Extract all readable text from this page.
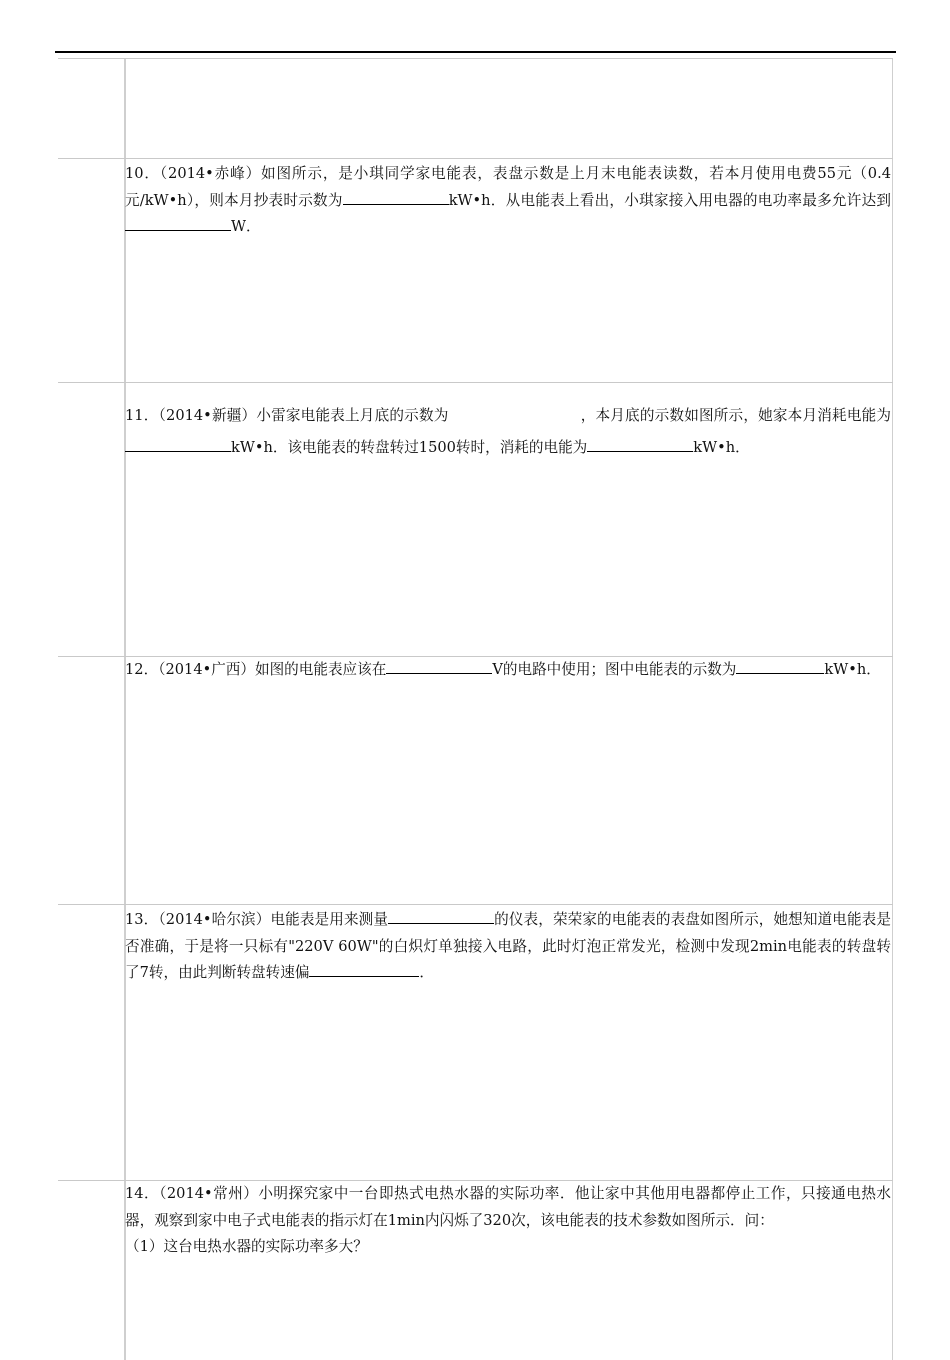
10．（2014•赤峰）如图所示，是小琪同学家电能表，表盘示数是上月末电能表读数，若本月使用电费55元（0.4元/kW•h），则本月抄表时示数为	kW•h．从电能表上看出，小琪家接入用电器的电功率最多允许达到W．
11．（2014•新疆）小雷家电能表上月底的示数为	，本月底的示数如图所示，她家本月消耗电能为kW•h．该电能表的转盘转过1500转时，消耗的电能为	kW•h．
12．（2014•广西）如图的电能表应该在	V的电路中使用；图中电能表的示数为	kW•h．
13．（2014•哈尔滨）电能表是用来测量	的仪表，荣荣家的电能表的表盘如图所示，她想知道电能表是否准确，于是将一只标有"220V 60W"的白炽灯单独接入电路，此时灯泡正常发光，检测中发现2min电能表的转盘转了7转，由此判断转盘转速偏	．
14．（2014•常州）小明探究家中一台即热式电热水器的实际功率．他让家中其他用电器都停止工作，只接通电热水器，观察到家中电子式电能表的指示灯在1min内闪烁了320次，该电能表的技术参数如图所示．问：
（1）这台电热水器的实际功率多大？
